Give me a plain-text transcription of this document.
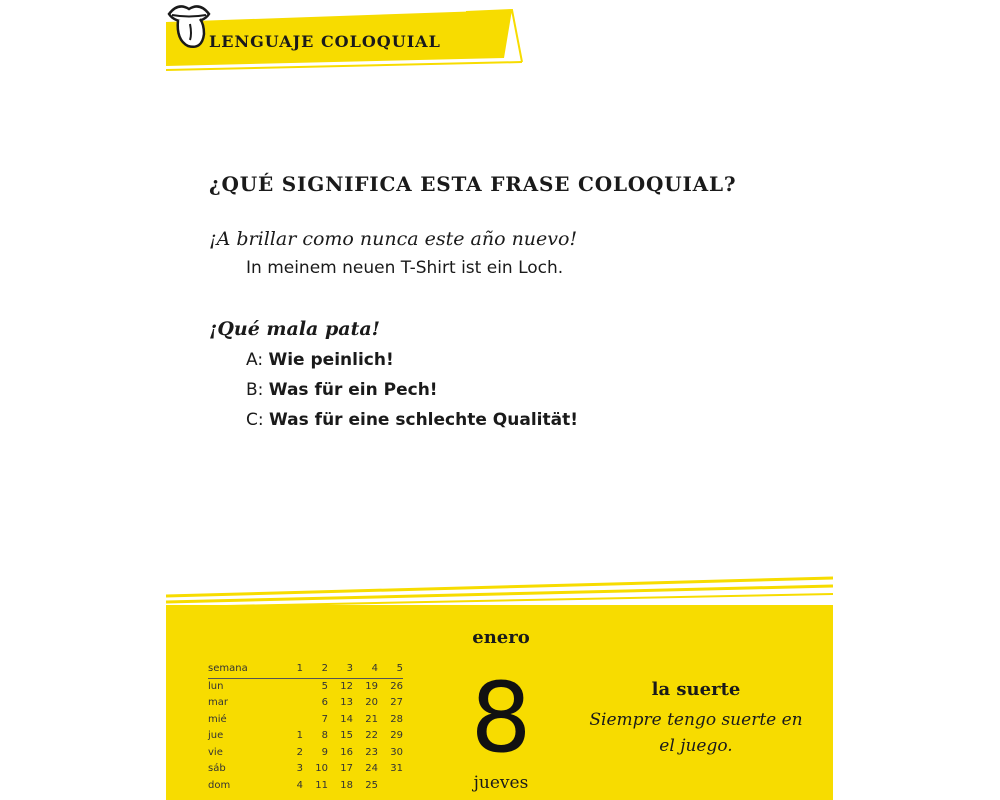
LENGUAJE COLOQUIAL
¿QUÉ SIGNIFICA ESTA FRASE COLOQUIAL?
¡A brillar como nunca este año nuevo!
In meinem neuen T-Shirt ist ein Loch.
¡Qué mala pata!
A: Wie peinlich!
B: Was für ein Pech!
C: Was für eine schlechte Qualität!
semana	1	2	3	4	5
lun		5	12	19	26
mar		6	13	20	27
mié		7	14	21	28
jue	1	8	15	22	29
vie	2	9	16	23	30
sáb	3	10	17	24	31
dom	4	11	18	25	
enero
8
jueves
la suerte
Siempre tengo suerte en el juego.
